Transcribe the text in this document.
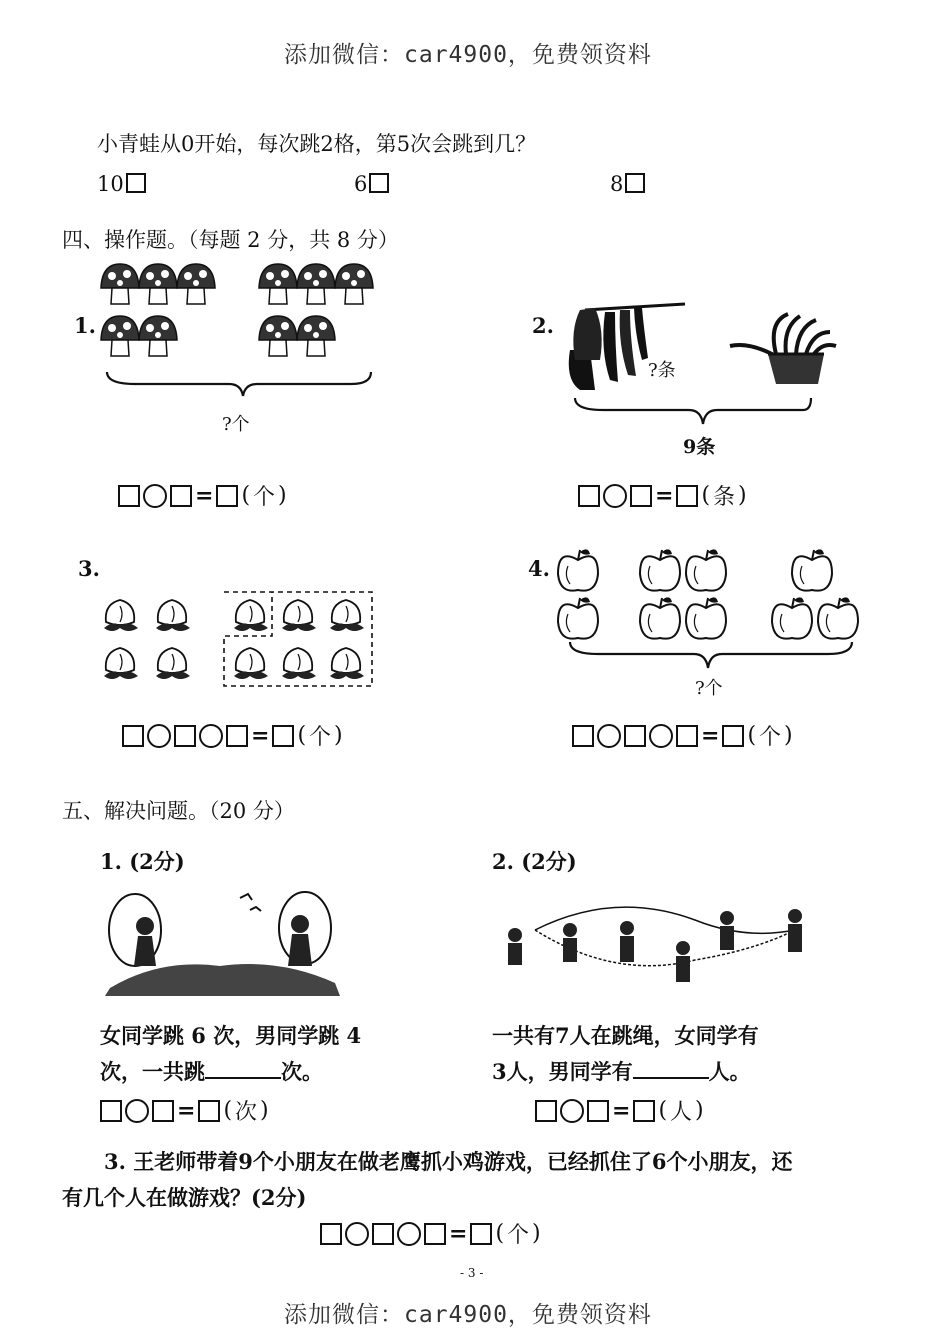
添加微信：car4900，免费领资料
小青蛙从0开始，每次跳2格，第5次会跳到几？
10	6	8
四、操作题。（每题 2 分，共 8 分）
1.
?个
= ( 个 )
2.
?条
9条
= ( 条 )
3.
= ( 个 )
4.
?个
= ( 个 )
五、解决问题。（20 分）
1. (2分)
女同学跳 6 次，男同学跳 4
次，一共跳	次。
= ( 次 )
2. (2分)
一共有7人在跳绳，女同学有
3人，男同学有	人。
= ( 人 )
3. 王老师带着9个小朋友在做老鹰抓小鸡游戏，已经抓住了6个小朋友，还
有几个人在做游戏？(2分)
= ( 个 )
- 3 -
添加微信：car4900，免费领资料
